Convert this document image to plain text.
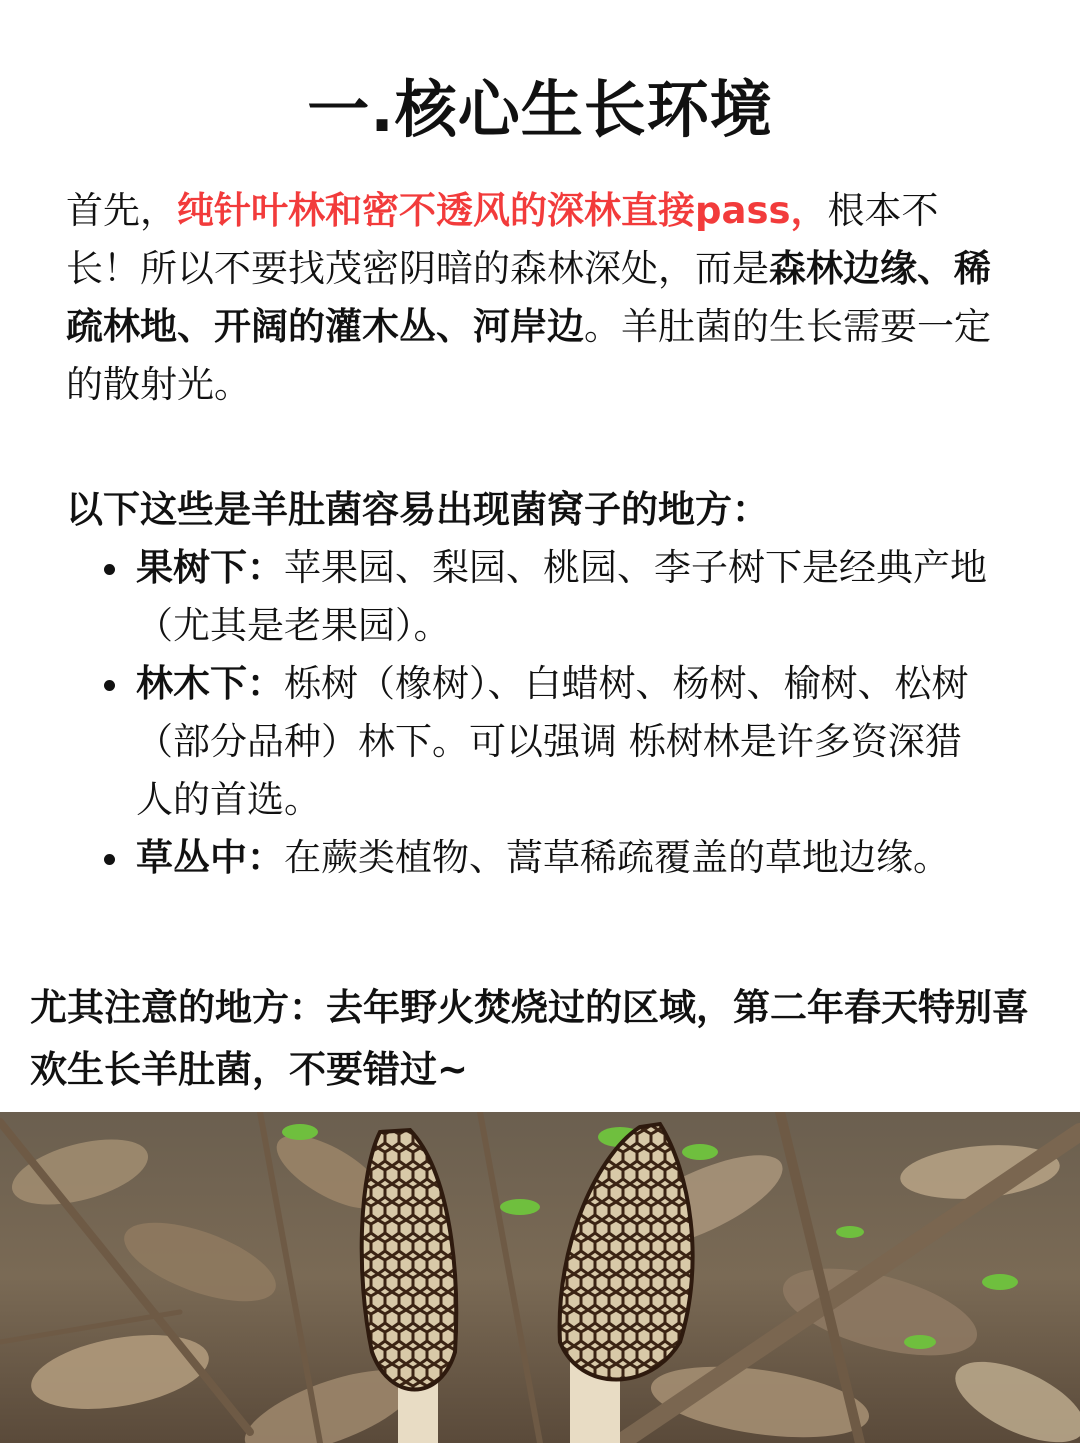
一.核心生长环境
首先，纯针叶林和密不透风的深林直接pass，根本不长！所以不要找茂密阴暗的森林深处，而是森林边缘、稀疏林地、开阔的灌木丛、河岸边。羊肚菌的生长需要一定的散射光。
以下这些是羊肚菌容易出现菌窝子的地方：
果树下：苹果园、梨园、桃园、李子树下是经典产地（尤其是老果园）。
林木下：栎树（橡树）、白蜡树、杨树、榆树、松树（部分品种）林下。可以强调 栎树林是许多资深猎人的首选。
草丛中：在蕨类植物、蒿草稀疏覆盖的草地边缘。
尤其注意的地方：去年野火焚烧过的区域，第二年春天特别喜欢生长羊肚菌，不要错过~
